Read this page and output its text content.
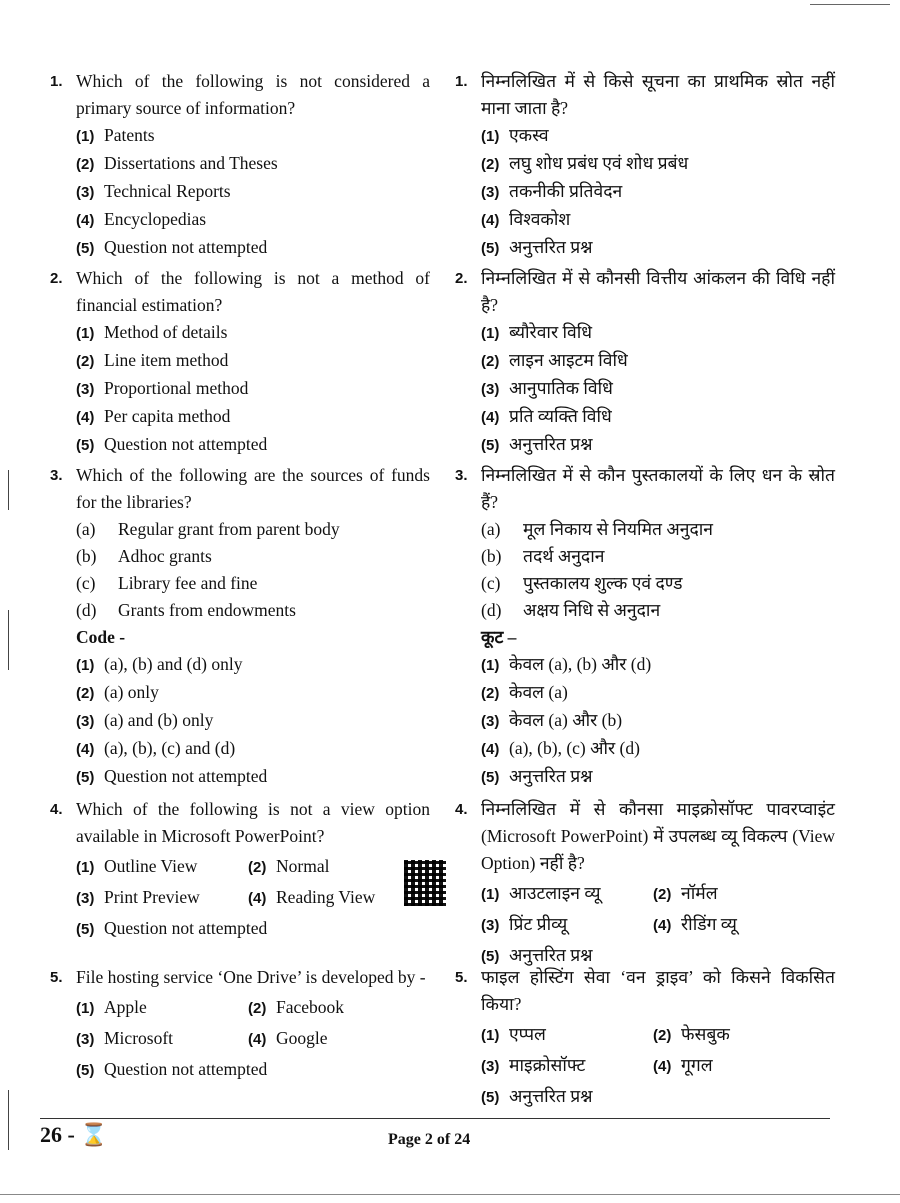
1. Which of the following is not considered a primary source of information?
(1) Patents
(2) Dissertations and Theses
(3) Technical Reports
(4) Encyclopedias
(5) Question not attempted
2. Which of the following is not a method of financial estimation?
(1) Method of details
(2) Line item method
(3) Proportional method
(4) Per capita method
(5) Question not attempted
3. Which of the following are the sources of funds for the libraries?
(a) Regular grant from parent body
(b) Adhoc grants
(c) Library fee and fine
(d) Grants from endowments
Code -
(1) (a), (b) and (d) only
(2) (a) only
(3) (a) and (b) only
(4) (a), (b), (c) and (d)
(5) Question not attempted
4. Which of the following is not a view option available in Microsoft PowerPoint?
(1) Outline View	(2) Normal
(3) Print Preview	(4) Reading View
(5) Question not attempted
5. File hosting service ‘One Drive’ is developed by -
(1) Apple	(2) Facebook
(3) Microsoft	(4) Google
(5) Question not attempted
1. निम्नलिखित में से किसे सूचना का प्राथमिक स्रोत नहीं माना जाता है?
(1) एकस्व
(2) लघु शोध प्रबंध एवं शोध प्रबंध
(3) तकनीकी प्रतिवेदन
(4) विश्वकोश
(5) अनुत्तरित प्रश्न
2. निम्नलिखित में से कौनसी वित्तीय आंकलन की विधि नहीं है?
(1) ब्यौरेवार विधि
(2) लाइन आइटम विधि
(3) आनुपातिक विधि
(4) प्रति व्यक्ति विधि
(5) अनुत्तरित प्रश्न
3. निम्नलिखित में से कौन पुस्तकालयों के लिए धन के स्रोत हैं?
(a) मूल निकाय से नियमित अनुदान
(b) तदर्थ अनुदान
(c) पुस्तकालय शुल्क एवं दण्ड
(d) अक्षय निधि से अनुदान
कूट –
(1) केवल (a), (b) और (d)
(2) केवल (a)
(3) केवल (a) और (b)
(4) (a), (b), (c) और (d)
(5) अनुत्तरित प्रश्न
4. निम्नलिखित में से कौनसा माइक्रोसॉफ्ट पावरप्वाइंट (Microsoft PowerPoint) में उपलब्ध व्यू विकल्प (View Option) नहीं है?
(1) आउटलाइन व्यू	(2) नॉर्मल
(3) प्रिंट प्रीव्यू	(4) रीडिंग व्यू
(5) अनुत्तरित प्रश्न
5. फाइल होस्टिंग सेवा ‘वन ड्राइव’ को किसने विकसित किया?
(1) एप्पल	(2) फेसबुक
(3) माइक्रोसॉफ्ट	(4) गूगल
(5) अनुत्तरित प्रश्न
26 - ⌛	Page 2 of 24
